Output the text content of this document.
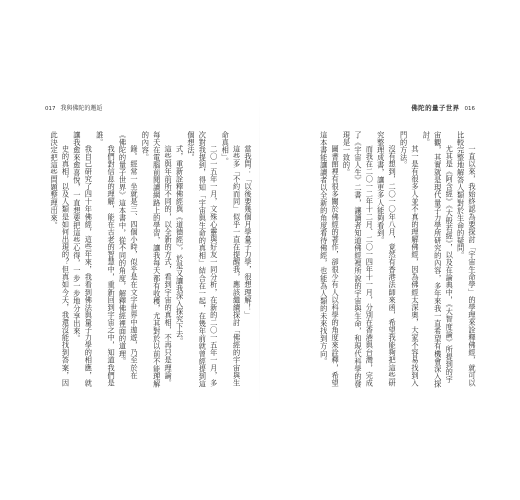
017 我與佛陀的邂逅	佛陀的量子世界 016

一直以來，我始終認為要探討「宇宙生命學」的學理來詮釋佛經，就可以比較完整地解答人類對於生命的疑問。

尤其是《阿含經》《大般若經》，以及在論典中，《大智度論》所提到的宇宙觀，其實就是現代量子力學所研究的內容，多年來我一直希望有機會深入探討。

其一是有很多人並不真的理解佛經，因為佛經太深奧，大家不容易找到入門的方法。

沒有想到，二〇一〇年八月，竟然有香港法師來函，希望我能夠把這些研究整理成書，讓更多人能夠看到。

而我在二〇一二年十二月、二〇一四年十一月，分別在香港與台灣，完成了《宇宙人生》二書，讓讀者知道佛經裡所說的宇宙與生命，和現代科學的發現是一致的。

圖書館裡有很多關於佛經的著作，卻很少有人以科學的角度來詮釋，希望這本書能讓讀者以全新的角度看待佛經，也能為人類的未來找到方向。

當我問：「以後要幾個月學量子力學，很想理解！」

這些多「不約而同」似乎一直在提醒我，應該繼續探討「佛經的宇宙與生命真相」。

二〇一五年一月，文殊心靈與好友一同分析，在新的二〇一五年一月，多次對我提到，得知「宇宙與生命的真相」結合在一起，在幾年前就曾經提到這個想法。

式，重新詮釋佛經與《道德經》，於是又讓我深入探究下去。

這些與年前所不同的，以全新的方式，看到宇宙的真相，不再只是理論。每天在電腦前閱讀網路上的學習，讓我每天都有收穫，尤其對於以前不能理解的內容。

錄。經常一坐就是三、四個小時，似乎是在文字世界中遨遊，乃至於在《佛陀的量子世界》這本書中，從不同的角度，解釋佛經裡面的道理。

我們對信息的理解，能在古老的智慧中，重新回到宇宙之中，知道我們是誰。

我自己研究了四十年佛經，這些年來，我看到佛法與量子力學的相應，就讓我愈來愈喜悅，一直想要把這些心得，一步一步地分享出來。

史的真相，以及人類是如何出現的？但真如今天，我還沒能找到答案，因此決定把這些問題整理出來。
